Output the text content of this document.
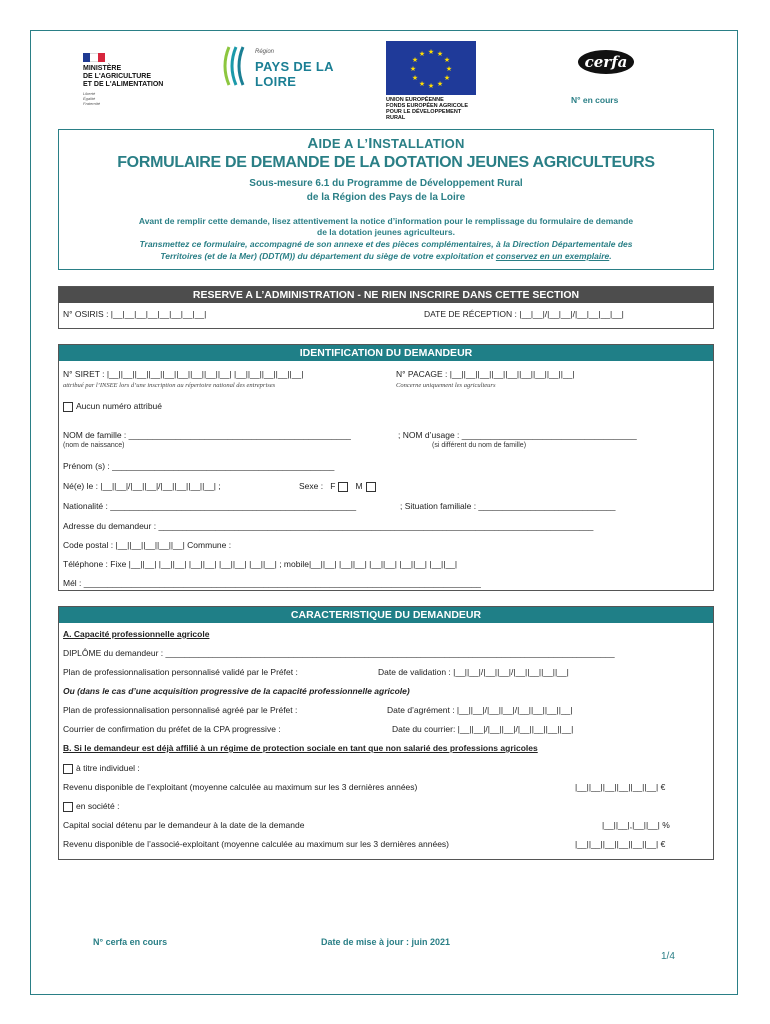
MINISTÈRE
DE L'AGRICULTURE
ET DE L'ALIMENTATION
Liberté
Égalité
Fraternité
Région
PAYS DE LA LOIRE
★ ★
★
★
★
★
★
★
★
★
★
★
UNION EUROPÉENNE
FONDS EUROPÉEN AGRICOLE
POUR LE DÉVELOPPEMENT RURAL
cerfa
N° en cours
AIDE A L’INSTALLATION
FORMULAIRE DE DEMANDE DE LA DOTATION JEUNES AGRICULTEURS
Sous-mesure 6.1 du Programme de Développement Rural
de la Région des Pays de la Loire
Avant de remplir cette demande, lisez attentivement la notice d’information pour le remplissage du formulaire de demande
de la dotation jeunes agriculteurs.
Transmettez ce formulaire, accompagné de son annexe et des pièces complémentaires, à la Direction Départementale des
Territoires (et de la Mer) (DDT(M)) du département du siège de votre exploitation et conservez en un exemplaire.
RESERVE A L’ADMINISTRATION - NE RIEN INSCRIRE DANS CETTE SECTION
N° OSIRIS : |__|__|__|__|__|__|__|__|	DATE DE RÉCEPTION : |__|__|/|__|__|/|__|__|__|__|
IDENTIFICATION DU DEMANDEUR
N° SIRET : |__||__||__||__||__||__||__||__||__| |__||__||__||__||__|
attribué par l’INSEE lors d’une inscription au répertoire national des entreprises
N° PACAGE : |__||__||__||__||__||__||__||__||__|
Concerne uniquement les agriculteurs
Aucun numéro attribué
NOM de famille : _______________________________________________
(nom de naissance)
; NOM d’usage : _____________________________________
(si différent du nom de famille)
Prénom (s) : _______________________________________________
Né(e) le : |__||__|/|__||__|/|__||__||__||__| ;	Sexe : F M
Nationalité : ____________________________________________________	; Situation familiale : _____________________________
Adresse du demandeur : ____________________________________________________________________________________________
Code postal : |__||__||__||__||__| Commune :
Téléphone : Fixe |__||__| |__||__| |__||__| |__||__| |__||__| ; mobile|__||__| |__||__| |__||__| |__||__| |__||__|
Mél : ____________________________________________________________________________________
CARACTERISTIQUE DU DEMANDEUR
A. Capacité professionnelle agricole
DIPLÔME du demandeur : _______________________________________________________________________________________________
Plan de professionnalisation personnalisé validé par le Préfet :	Date de validation : |__||__|/|__||__|/|__||__||__||__|
Ou (dans le cas d’une acquisition progressive de la capacité professionnelle agricole)
Plan de professionnalisation personnalisé agréé par le Préfet :	Date d’agrément : |__||__|/|__||__|/|__||__||__||__|
Courrier de confirmation du préfet de la CPA progressive :	Date du courrier: |__||__|/|__||__|/|__||__||__||__|
B. Si le demandeur est déjà affilié à un régime de protection sociale en tant que non salarié des professions agricoles
à titre individuel :
Revenu disponible de l’exploitant (moyenne calculée au maximum sur les 3 dernières années)	|__||__||__||__||__||__| €
en société :
Capital social détenu par le demandeur à la date de la demande	|__||__|,|__||__| %
Revenu disponible de l’associé-exploitant (moyenne calculée au maximum sur les 3 dernières années)	|__||__||__||__||__||__| €
N° cerfa en cours	Date de mise à jour : juin 2021
1/4
